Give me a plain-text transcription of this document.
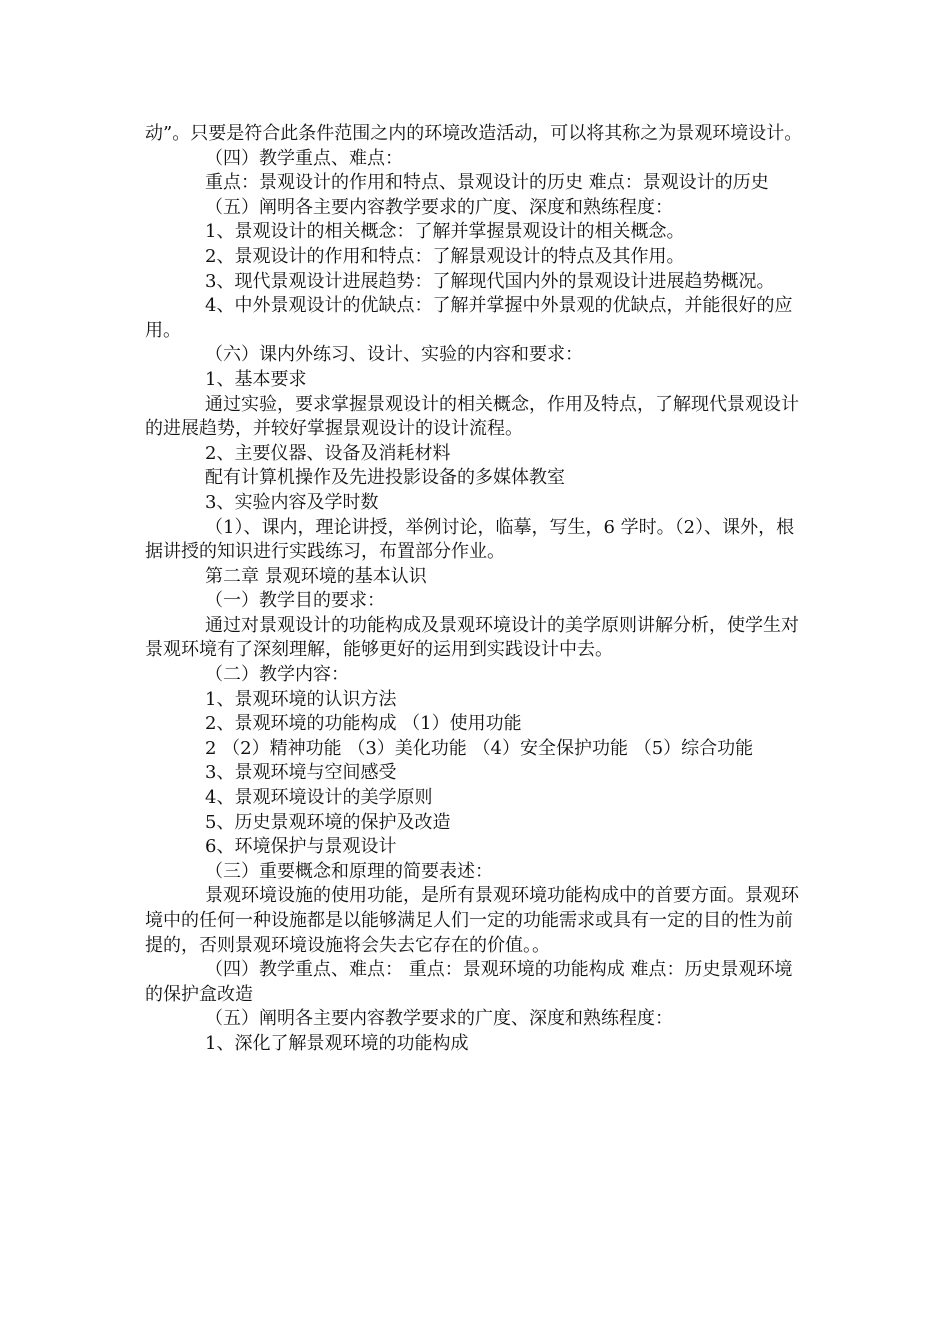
动”。只要是符合此条件范围之内的环境改造活动，可以将其称之为景观环境设计。

（四）教学重点、难点：

重点：景观设计的作用和特点、景观设计的历史 难点：景观设计的历史

（五）阐明各主要内容教学要求的广度、深度和熟练程度：

1、景观设计的相关概念：了解并掌握景观设计的相关概念。

2、景观设计的作用和特点：了解景观设计的特点及其作用。

3、现代景观设计进展趋势：了解现代国内外的景观设计进展趋势概况。

4、中外景观设计的优缺点：了解并掌握中外景观的优缺点，并能很好的应用。

（六）课内外练习、设计、实验的内容和要求：

1、基本要求

通过实验，要求掌握景观设计的相关概念，作用及特点，了解现代景观设计的进展趋势，并较好掌握景观设计的设计流程。

2、主要仪器、设备及消耗材料

配有计算机操作及先进投影设备的多媒体教室

3、实验内容及学时数

（1）、课内，理论讲授，举例讨论，临摹，写生，6 学时。（2）、课外，根据讲授的知识进行实践练习，布置部分作业。

第二章 景观环境的基本认识

（一）教学目的要求：

通过对景观设计的功能构成及景观环境设计的美学原则讲解分析，使学生对景观环境有了深刻理解，能够更好的运用到实践设计中去。

（二）教学内容：

1、景观环境的认识方法

2、景观环境的功能构成 （1）使用功能

2 （2）精神功能 （3）美化功能 （4）安全保护功能 （5）综合功能

3、景观环境与空间感受

4、景观环境设计的美学原则

5、历史景观环境的保护及改造

6、环境保护与景观设计

（三）重要概念和原理的简要表述：

景观环境设施的使用功能，是所有景观环境功能构成中的首要方面。景观环境中的任何一种设施都是以能够满足人们一定的功能需求或具有一定的目的性为前提的，否则景观环境设施将会失去它存在的价值。。

（四）教学重点、难点： 重点：景观环境的功能构成 难点：历史景观环境的保护盒改造

（五）阐明各主要内容教学要求的广度、深度和熟练程度：

1、深化了解景观环境的功能构成
